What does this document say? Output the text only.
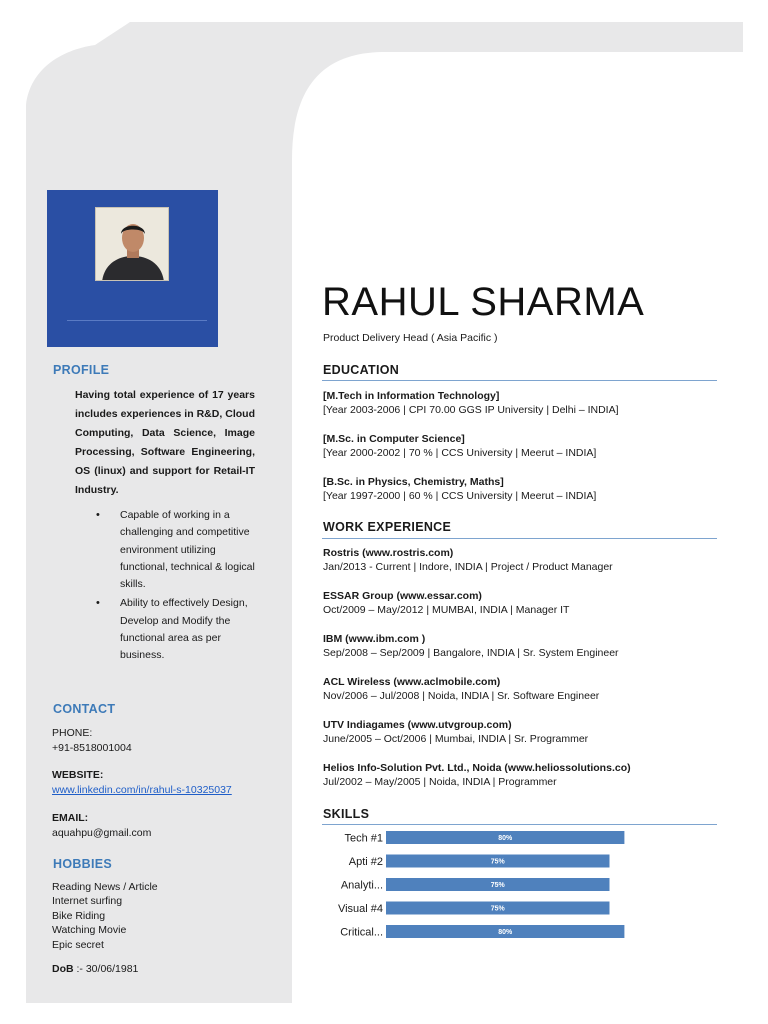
PROFILE
Having total experience of 17 years includes experiences in R&D, Cloud Computing, Data Science, Image Processing, Software Engineering, OS (linux) and support for Retail-IT Industry.
• Capable of working in a challenging and competitive environment utilizing functional, technical & logical skills.
• Ability to effectively Design, Develop and Modify the functional area as per business.
CONTACT
PHONE:
+91-8518001004
WEBSITE:
www.linkedin.com/in/rahul-s-10325037
EMAIL:
aquahpu@gmail.com
HOBBIES
Reading News / Article
Internet surfing
Bike Riding
Watching Movie
Epic secret
DoB :- 30/06/1981
RAHUL SHARMA
Product Delivery Head ( Asia Pacific )
EDUCATION
[M.Tech in Information Technology]
[Year 2003-2006 | CPI 70.00 GGS IP University | Delhi – INDIA]
[M.Sc. in Computer Science]
[Year 2000-2002 | 70 % | CCS University | Meerut – INDIA]
[B.Sc. in Physics, Chemistry, Maths]
[Year 1997-2000 | 60 % | CCS University | Meerut – INDIA]
WORK EXPERIENCE
Rostris (www.rostris.com)
Jan/2013 - Current | Indore, INDIA | Project / Product Manager
ESSAR Group (www.essar.com)
Oct/2009 – May/2012 | MUMBAI, INDIA | Manager IT
IBM (www.ibm.com )
Sep/2008 – Sep/2009 | Bangalore, INDIA | Sr. System Engineer
ACL Wireless (www.aclmobile.com)
Nov/2006 – Jul/2008 | Noida, INDIA | Sr. Software Engineer
UTV Indiagames (www.utvgroup.com)
June/2005 – Oct/2006 | Mumbai, INDIA | Sr. Programmer
Helios Info-Solution Pvt. Ltd., Noida (www.heliossolutions.co)
Jul/2002 – May/2005 | Noida, INDIA | Programmer
SKILLS
Tech #1	80%
Apti #2	75%
Analyti...	75%
Visual #4	75%
Critical...	80%
